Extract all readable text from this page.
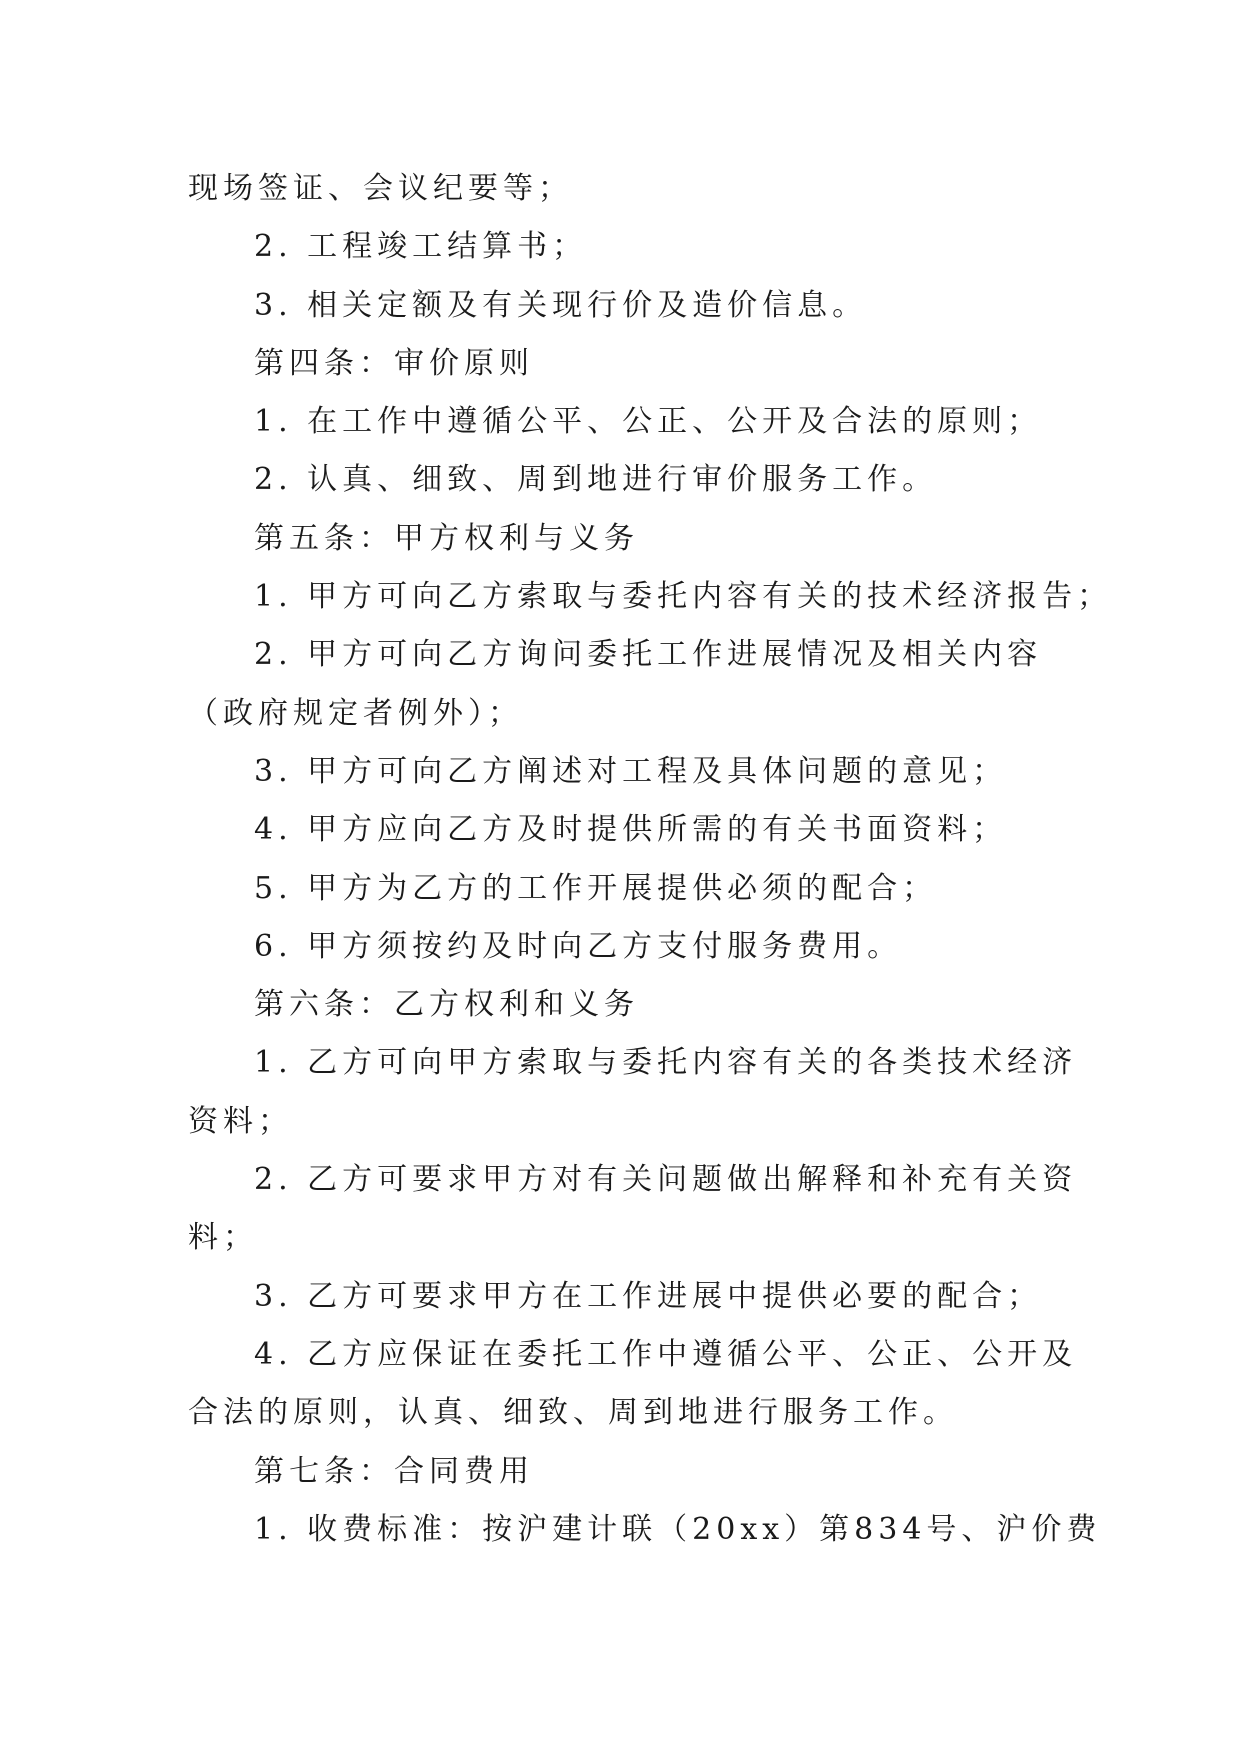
现场签证、会议纪要等；
2. 工程竣工结算书；
3. 相关定额及有关现行价及造价信息。
第四条：审价原则
1. 在工作中遵循公平、公正、公开及合法的原则；
2. 认真、细致、周到地进行审价服务工作。
第五条：甲方权利与义务
1. 甲方可向乙方索取与委托内容有关的技术经济报告；
2. 甲方可向乙方询问委托工作进展情况及相关内容
（政府规定者例外）；
3. 甲方可向乙方阐述对工程及具体问题的意见；
4. 甲方应向乙方及时提供所需的有关书面资料；
5. 甲方为乙方的工作开展提供必须的配合；
6. 甲方须按约及时向乙方支付服务费用。
第六条：乙方权利和义务
1. 乙方可向甲方索取与委托内容有关的各类技术经济
资料；
2. 乙方可要求甲方对有关问题做出解释和补充有关资
料；
3. 乙方可要求甲方在工作进展中提供必要的配合；
4. 乙方应保证在委托工作中遵循公平、公正、公开及
合法的原则，认真、细致、周到地进行服务工作。
第七条：合同费用
1. 收费标准：按沪建计联（20xx）第834号、沪价费
